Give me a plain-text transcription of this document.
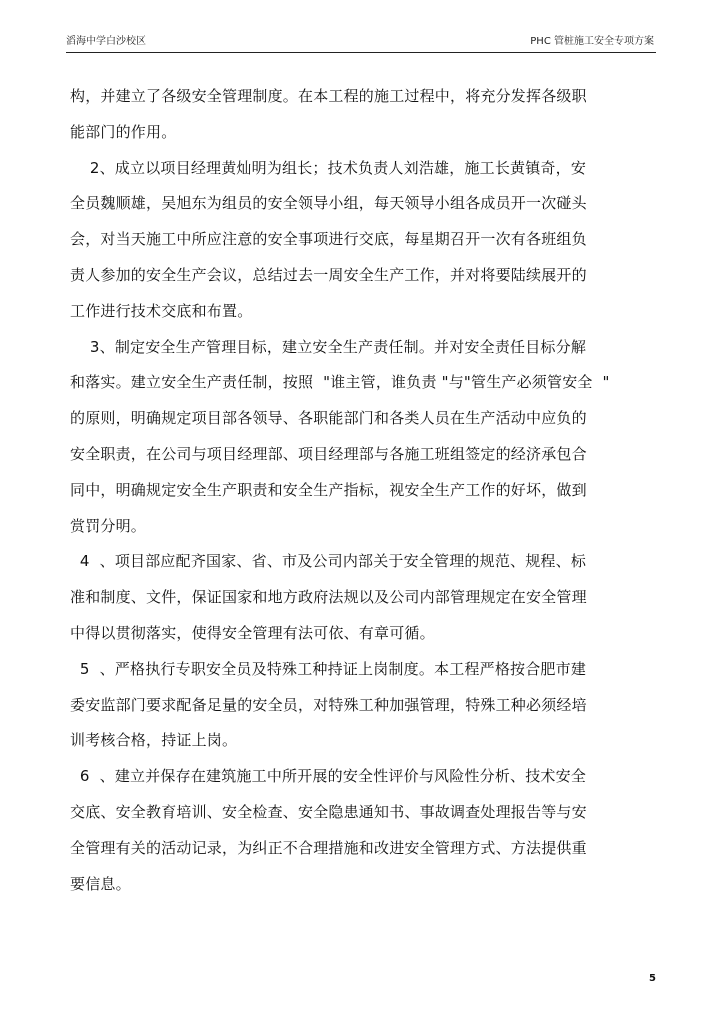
滔海中学白沙校区	PHC 管桩施工安全专项方案
构，并建立了各级安全管理制度。在本工程的施工过程中，将充分发挥各级职
能部门的作用。
2、成立以项目经理黄灿明为组长；技术负责人刘浩雄，施工长黄镇奇，安
全员魏顺雄，吴旭东为组员的安全领导小组，每天领导小组各成员开一次碰头
会，对当天施工中所应注意的安全事项进行交底，每星期召开一次有各班组负
责人参加的安全生产会议，总结过去一周安全生产工作，并对将要陆续展开的
工作进行技术交底和布置。
3、制定安全生产管理目标，建立安全生产责任制。并对安全责任目标分解
和落实。建立安全生产责任制，按照  "谁主管，谁负责 "与"管生产必须管安全  "
的原则，明确规定项目部各领导、各职能部门和各类人员在生产活动中应负的
安全职责，在公司与项目经理部、项目经理部与各施工班组签定的经济承包合
同中，明确规定安全生产职责和安全生产指标，视安全生产工作的好坏，做到
赏罚分明。
4  、项目部应配齐国家、省、市及公司内部关于安全管理的规范、规程、标
准和制度、文件，保证国家和地方政府法规以及公司内部管理规定在安全管理
中得以贯彻落实，使得安全管理有法可依、有章可循。
5  、严格执行专职安全员及特殊工种持证上岗制度。本工程严格按合肥市建
委安监部门要求配备足量的安全员，对特殊工种加强管理，特殊工种必须经培
训考核合格，持证上岗。
6  、建立并保存在建筑施工中所开展的安全性评价与风险性分析、技术安全
交底、安全教育培训、安全检查、安全隐患通知书、事故调查处理报告等与安
全管理有关的活动记录，为纠正不合理措施和改进安全管理方式、方法提供重
要信息。
5
